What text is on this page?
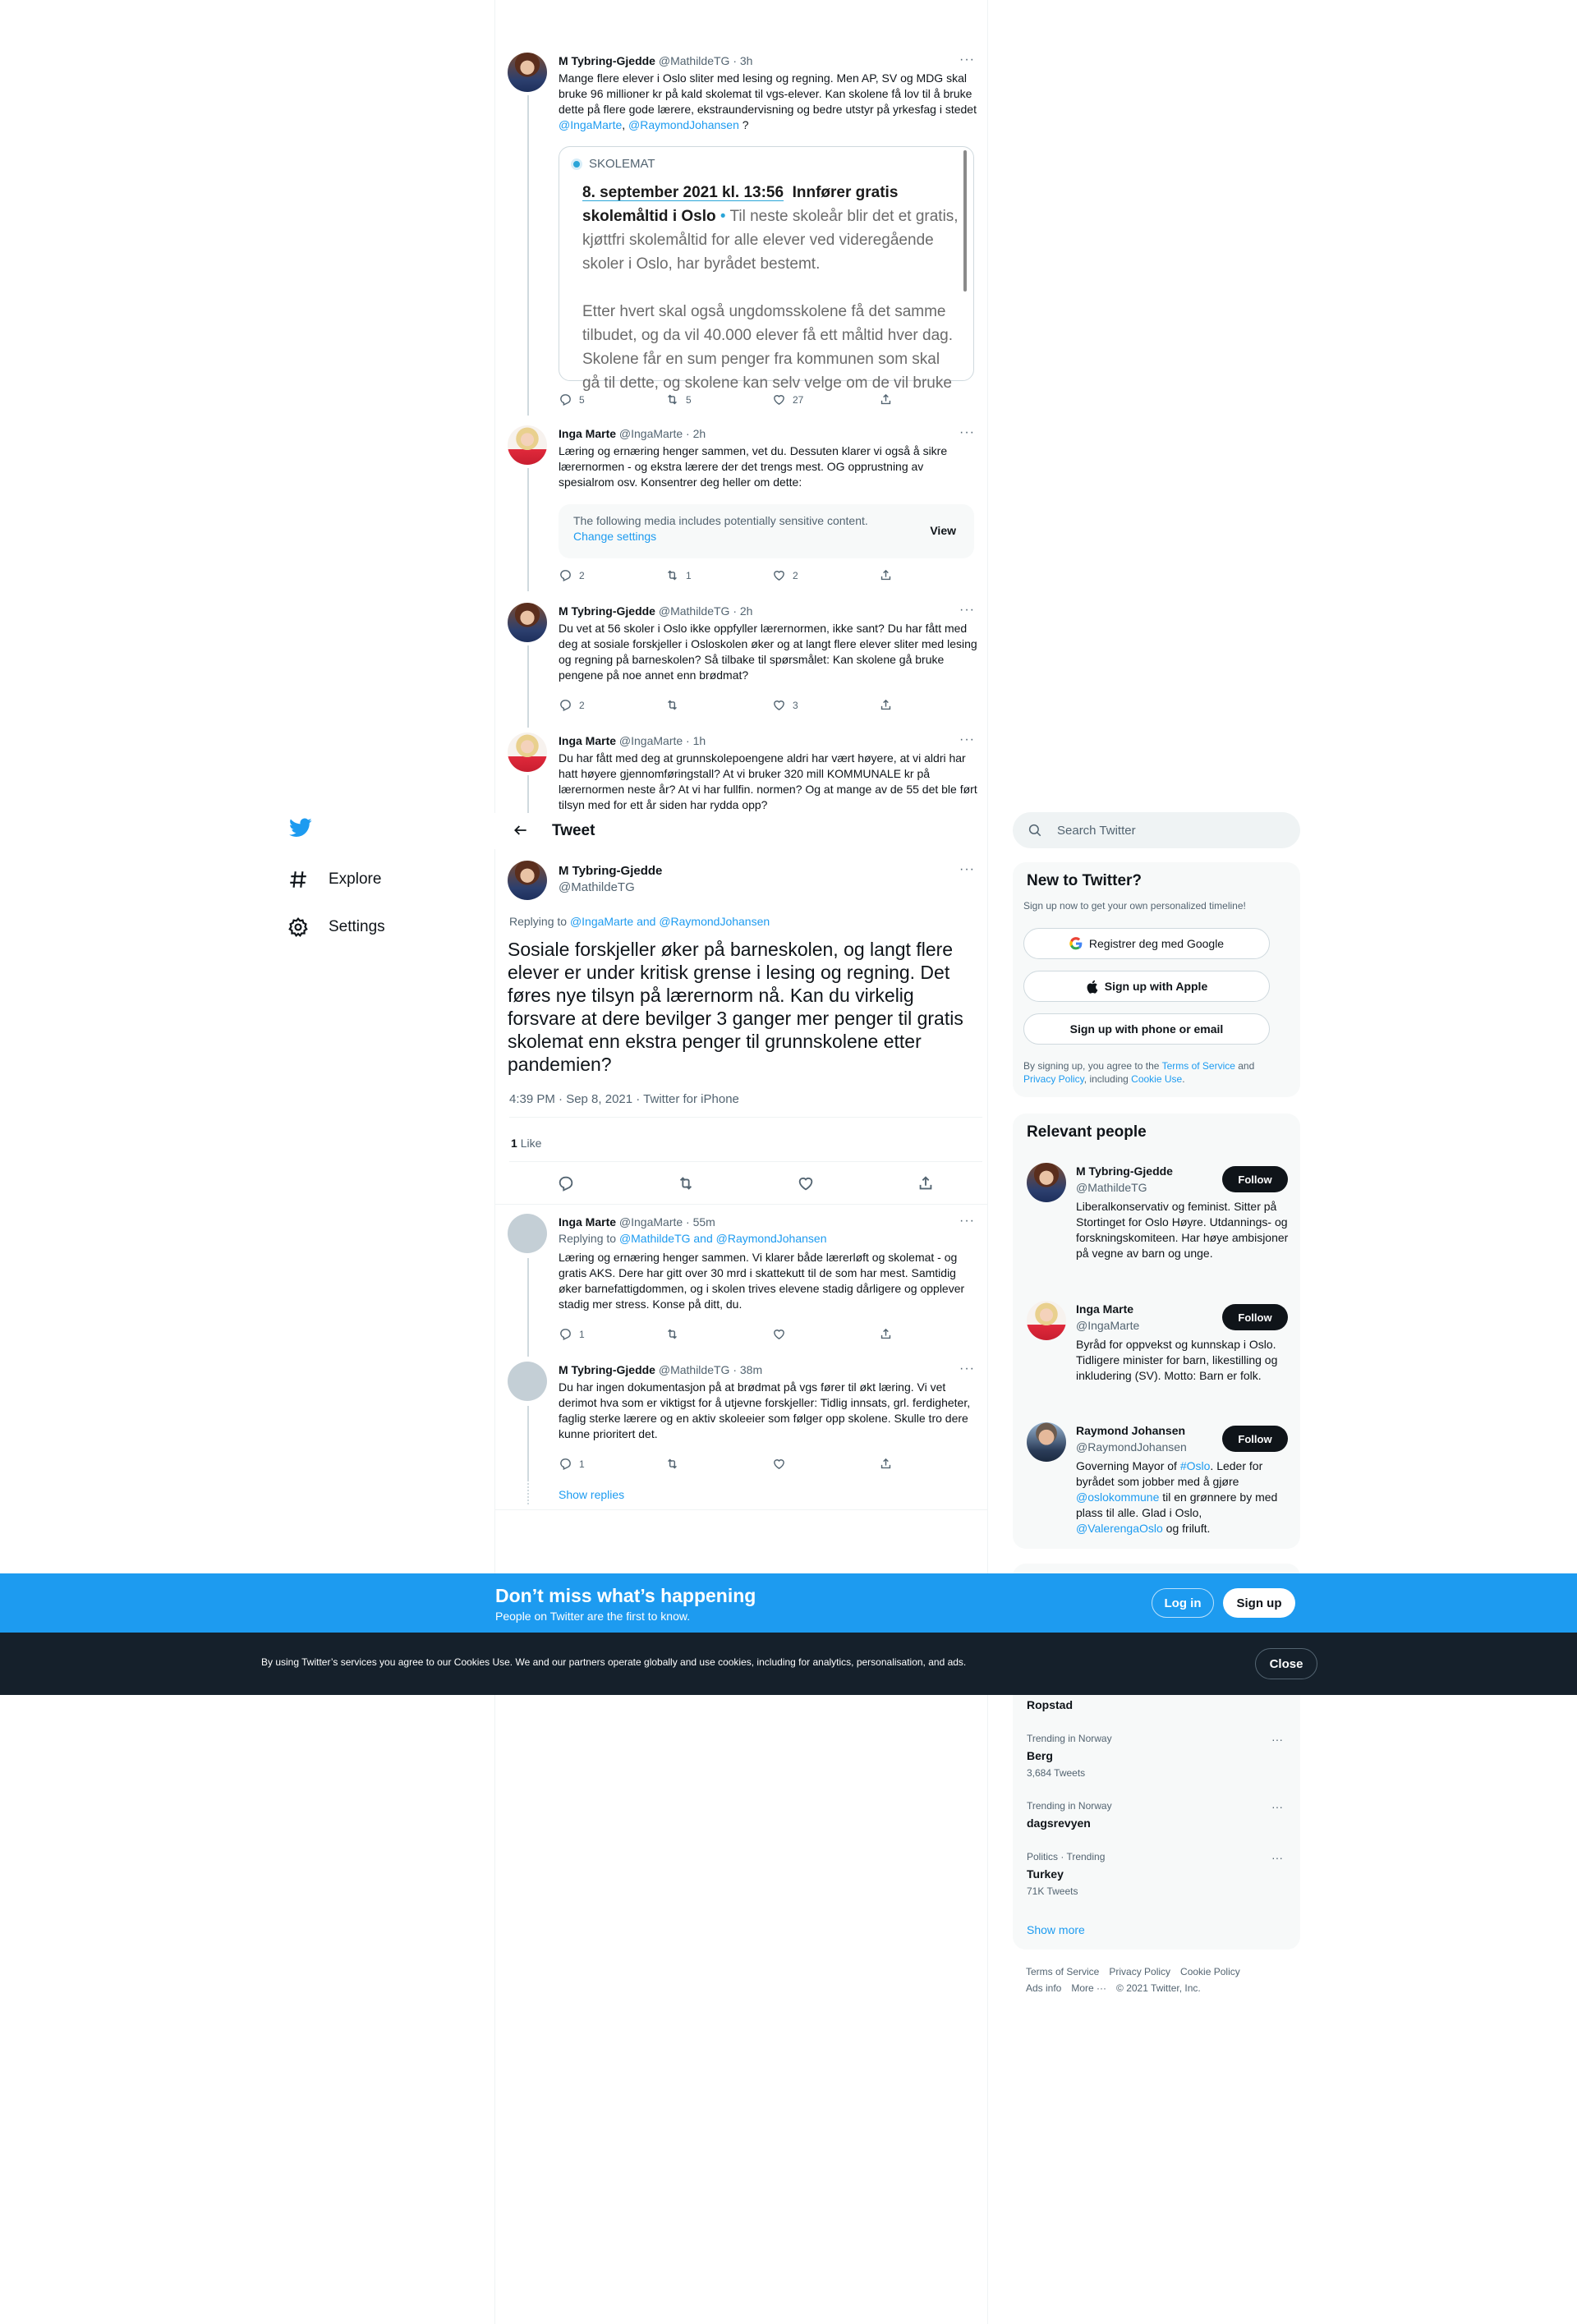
Explore
Settings
M Tybring-Gjedde @MathildeTG · 3h	···
Mange flere elever i Oslo sliter med lesing og regning. Men AP, SV og MDG skal bruke 96 millioner kr på kald skolemat til vgs-elever. Kan skolene få lov til å bruke dette på flere gode lærere, ekstraundervisning og bedre utstyr på yrkesfag i stedet @IngaMarte, @RaymondJohansen ?
SKOLEMAT
8. september 2021 kl. 13:56 Innfører gratis skolemåltid i Oslo • Til neste skoleår blir det et gratis, kjøttfri skolemåltid for alle elever ved videregående skoler i Oslo, har byrådet bestemt.

Etter hvert skal også ungdomsskolene få det samme tilbudet, og da vil 40.000 elever få ett måltid hver dag. Skolene får en sum penger fra kommunen som skal gå til dette, og skolene kan selv velge om de vil bruke
5	5	27
Inga Marte @IngaMarte · 2h	···
Læring og ernæring henger sammen, vet du. Dessuten klarer vi også å sikre lærernormen - og ekstra lærere der det trengs mest. OG opprustning av spesialrom osv. Konsentrer deg heller om dette:
The following media includes potentially sensitive content.
Change settings	View
2	1	2
M Tybring-Gjedde @MathildeTG · 2h	···
Du vet at 56 skoler i Oslo ikke oppfyller lærernormen, ikke sant? Du har fått med deg at sosiale forskjeller i Osloskolen øker og at langt flere elever sliter med lesing og regning på barneskolen? Så tilbake til spørsmålet: Kan skolene gå bruke pengene på noe annet enn brødmat?
2	3
Inga Marte @IngaMarte · 1h	···
Du har fått med deg at grunnskolepoengene aldri har vært høyere, at vi aldri har hatt høyere gjennomføringstall? At vi bruker 320 mill KOMMUNALE kr på lærernormen neste år? At vi har fullfin. normen? Og at mange av de 55 det ble ført tilsyn med for ett år siden har rydda opp?
Tweet
M Tybring-Gjedde
@MathildeTG
···
Replying to @IngaMarte and @RaymondJohansen
Sosiale forskjeller øker på barneskolen, og langt flere elever er under kritisk grense i lesing og regning. Det føres nye tilsyn på lærernorm nå. Kan du virkelig forsvare at dere bevilger 3 ganger mer penger til gratis skolemat enn ekstra penger til grunnskolene etter pandemien?
4:39 PM · Sep 8, 2021 · Twitter for iPhone
1 Like
Inga Marte @IngaMarte · 55m	···
Replying to @MathildeTG and @RaymondJohansen
Læring og ernæring henger sammen. Vi klarer både lærerløft og skolemat - og gratis AKS. Dere har gitt over 30 mrd i skattekutt til de som har mest. Samtidig øker barnefattigdommen, og i skolen trives elevene stadig dårligere og opplever stadig mer stress. Konse på ditt, du.
1
M Tybring-Gjedde @MathildeTG · 38m	···
Du har ingen dokumentasjon på at brødmat på vgs fører til økt læring. Vi vet derimot hva som er viktigst for å utjevne forskjeller: Tidlig innsats, grl. ferdigheter, faglig sterke lærere og en aktiv skoleeier som følger opp skolene. Skulle tro dere kunne prioritert det.
1
Show replies
Search Twitter
New to Twitter?
Sign up now to get your own personalized timeline!
Registrer deg med Google
Sign up with Apple
Sign up with phone or email
By signing up, you agree to the Terms of Service and Privacy Policy, including Cookie Use.
Relevant people
M Tybring-Gjedde
@MathildeTG
Follow
Liberalkonservativ og feminist. Sitter på Stortinget for Oslo Høyre. Utdannings- og forskningskomiteen. Har høye ambisjoner på vegne av barn og unge.
Inga Marte
@IngaMarte
Follow
Byråd for oppvekst og kunnskap i Oslo. Tidligere minister for barn, likestilling og inkludering (SV). Motto: Barn er folk.
Raymond Johansen
@RaymondJohansen
Follow
Governing Mayor of #Oslo. Leder for byrådet som jobber med å gjøre @oslokommune til en grønnere by med plass til alle. Glad i Oslo, @ValerengaOslo og friluft.
Ropstad
Trending in Norway	···
Berg
3,684 Tweets
Trending in Norway	···
dagsrevyen
Politics · Trending	···
Turkey
71K Tweets
Show more
Terms of Service Privacy Policy Cookie Policy
Ads info More ··· © 2021 Twitter, Inc.
Don’t miss what’s happening
People on Twitter are the first to know.
Log in	Sign up
By using Twitter’s services you agree to our Cookies Use. We and our partners operate globally and use cookies, including for analytics, personalisation, and ads.	Close
